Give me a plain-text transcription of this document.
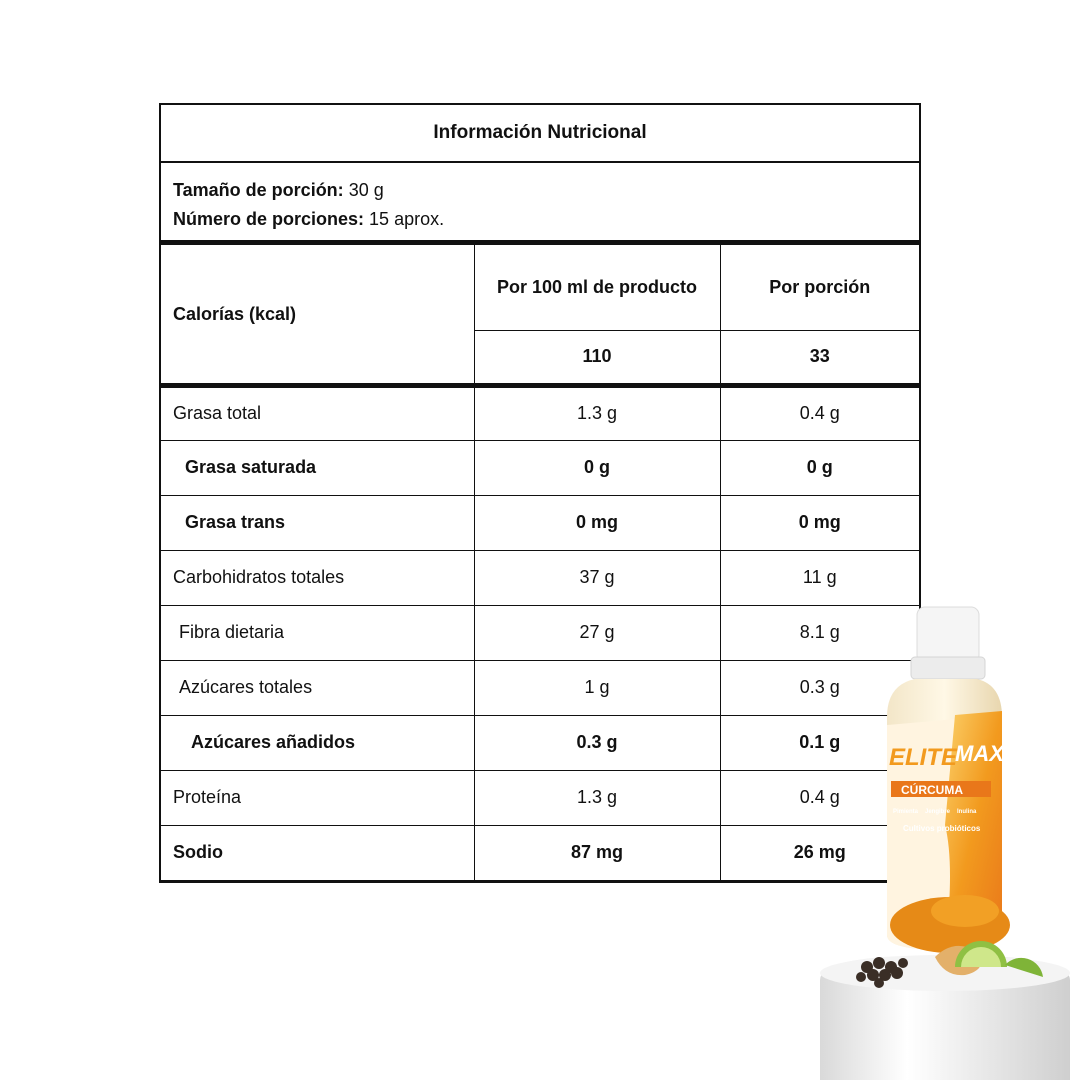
Información Nutricional
Tamaño de porción: 30 g
Número de porciones: 15 aprox.
Calorías (kcal)	Por 100 ml de producto	Por porción
	110	33
Grasa total	1.3 g	0.4 g
Grasa saturada	0 g	0 g
Grasa trans	0 mg	0 mg
Carbohidratos totales	37 g	11 g
Fibra dietaria	27 g	8.1 g
Azúcares totales	1 g	0.3 g
Azúcares añadidos	0.3 g	0.1 g
Proteína	1.3 g	0.4 g
Sodio	87 mg	26 mg
ELITE
MAX
CÚRCUMA
Pimienta Jengibre Inulina
Cultivos probióticos
